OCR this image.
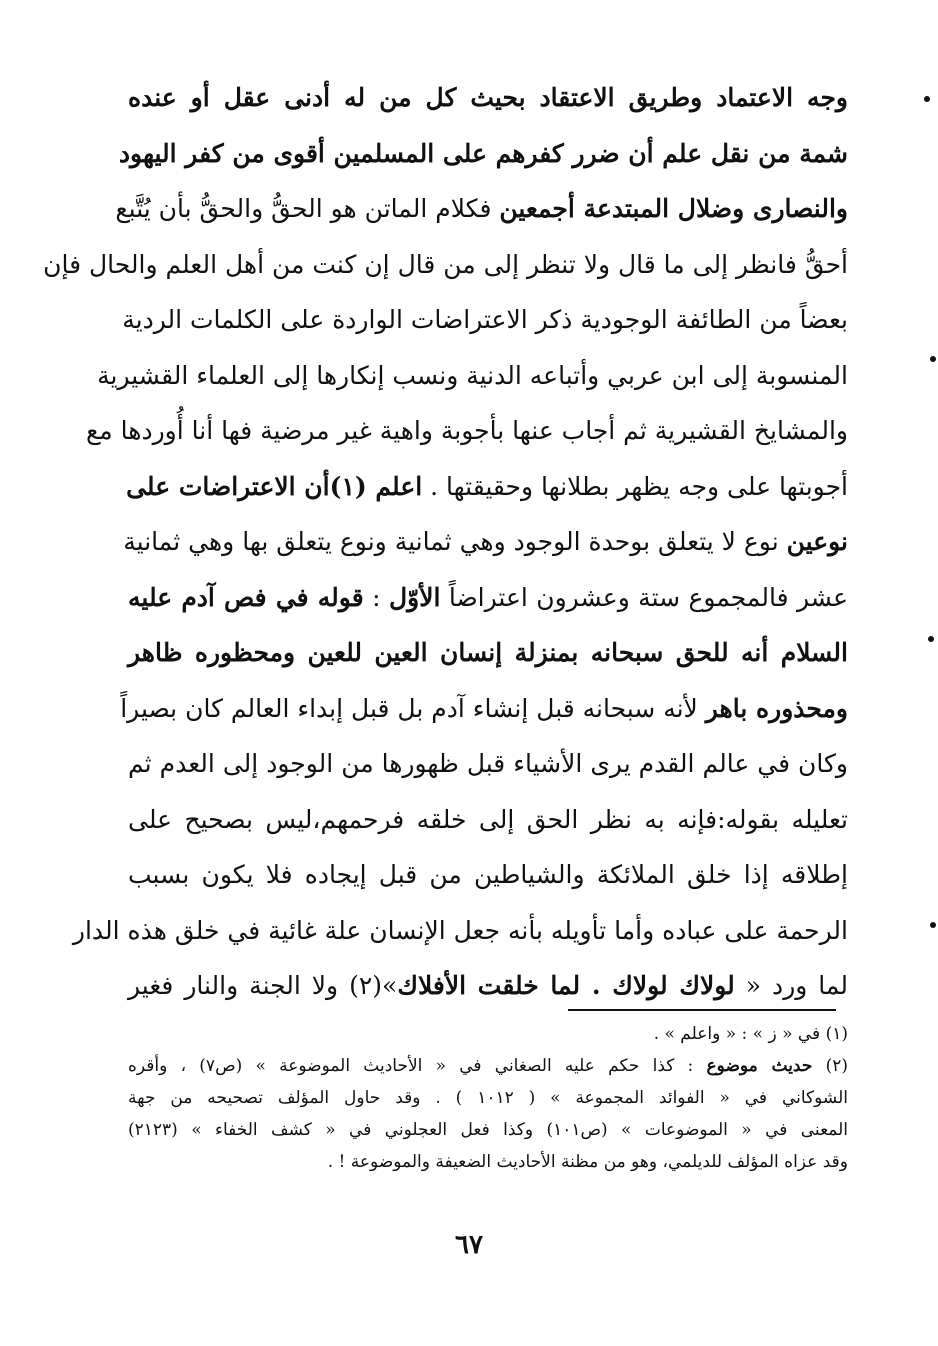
وجه الاعتماد وطريق الاعتقاد بحيث كل من له أدنى عقل أو عنده
شمة من نقل علم أن ضرر كفرهم على المسلمين أقوى من كفر اليهود
والنصارى وضلال المبتدعة أجمعين فكلام الماتن هو الحقُّ والحقُّ بأن يُتَّبع
أحقُّ فانظر إلى ما قال ولا تنظر إلى من قال إن كنت من أهل العلم والحال فإن
بعضاً من الطائفة الوجودية ذكر الاعتراضات الواردة على الكلمات الردية
المنسوبة إلى ابن عربي وأتباعه الدنية ونسب إنكارها إلى العلماء القشيرية
والمشايخ القشيرية ثم أجاب عنها بأجوبة واهية غير مرضية فها أنا أُوردها مع
أجوبتها على وجه يظهر بطلانها وحقيقتها . اعلم (١)أن الاعتراضات على
نوعين نوع لا يتعلق بوحدة الوجود وهي ثمانية ونوع يتعلق بها وهي ثمانية
عشر فالمجموع ستة وعشرون اعتراضاً الأوّل : قوله في فص آدم عليه
السلام أنه للحق سبحانه بمنزلة إنسان العين للعين ومحظوره ظاهر
ومحذوره باهر لأنه سبحانه قبل إنشاء آدم بل قبل إبداء العالم كان بصيراً
وكان في عالم القدم يرى الأشياء قبل ظهورها من الوجود إلى العدم ثم
تعليله بقوله:فإنه به نظر الحق إلى خلقه فرحمهم،ليس بصحيح على
إطلاقه إذا خلق الملائكة والشياطين من قبل إيجاده فلا يكون بسبب
الرحمة على عباده وأما تأويله بأنه جعل الإنسان علة غائية في خلق هذه الدار
لما ورد « لولاك لولاك . لما خلقت الأفلاك»(٢) ولا الجنة والنار فغير
(١) في « ز » : « واعلم » .
(٢) حديث موضوع : كذا حكم عليه الصغاني في « الأحاديث الموضوعة » (ص٧) ، وأقره
الشوكاني في « الفوائد المجموعة » ( ١٠١٢ ) . وقد حاول المؤلف تصحيحه من جهة
المعنى في « الموضوعات » (ص١٠١) وكذا فعل العجلوني في « كشف الخفاء » (٢١٢٣)
وقد عزاه المؤلف للديلمي، وهو من مظنة الأحاديث الضعيفة والموضوعة ! .
٦٧
